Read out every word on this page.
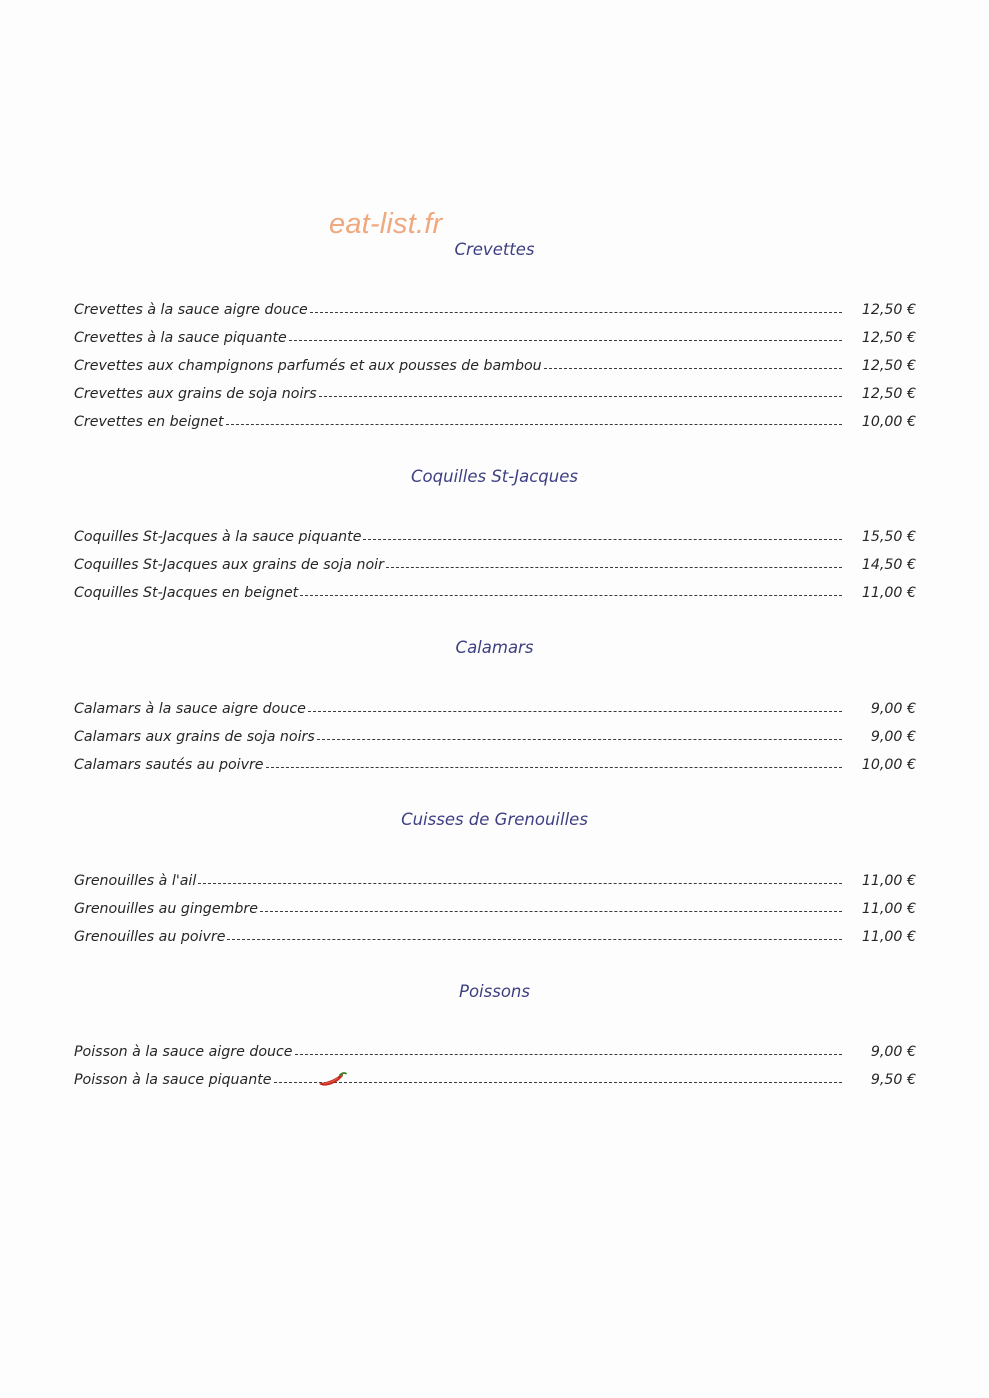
eat-list.fr
Crevettes
Crevettes à la sauce aigre douce	12,50 €
Crevettes à la sauce piquante	12,50 €
Crevettes aux champignons parfumés et aux pousses de bambou	12,50 €
Crevettes aux grains de soja noirs	12,50 €
Crevettes en beignet	10,00 €
Coquilles St-Jacques
Coquilles St-Jacques à la sauce piquante	15,50 €
Coquilles St-Jacques aux grains de soja noir	14,50 €
Coquilles St-Jacques en beignet	11,00 €
Calamars
Calamars à la sauce aigre douce	9,00 €
Calamars aux grains de soja noirs	9,00 €
Calamars sautés au poivre	10,00 €
Cuisses de Grenouilles
Grenouilles à l'ail	11,00 €
Grenouilles au gingembre	11,00 €
Grenouilles au poivre	11,00 €
Poissons
Poisson à la sauce aigre douce	9,00 €
Poisson à la sauce piquante	9,50 €
